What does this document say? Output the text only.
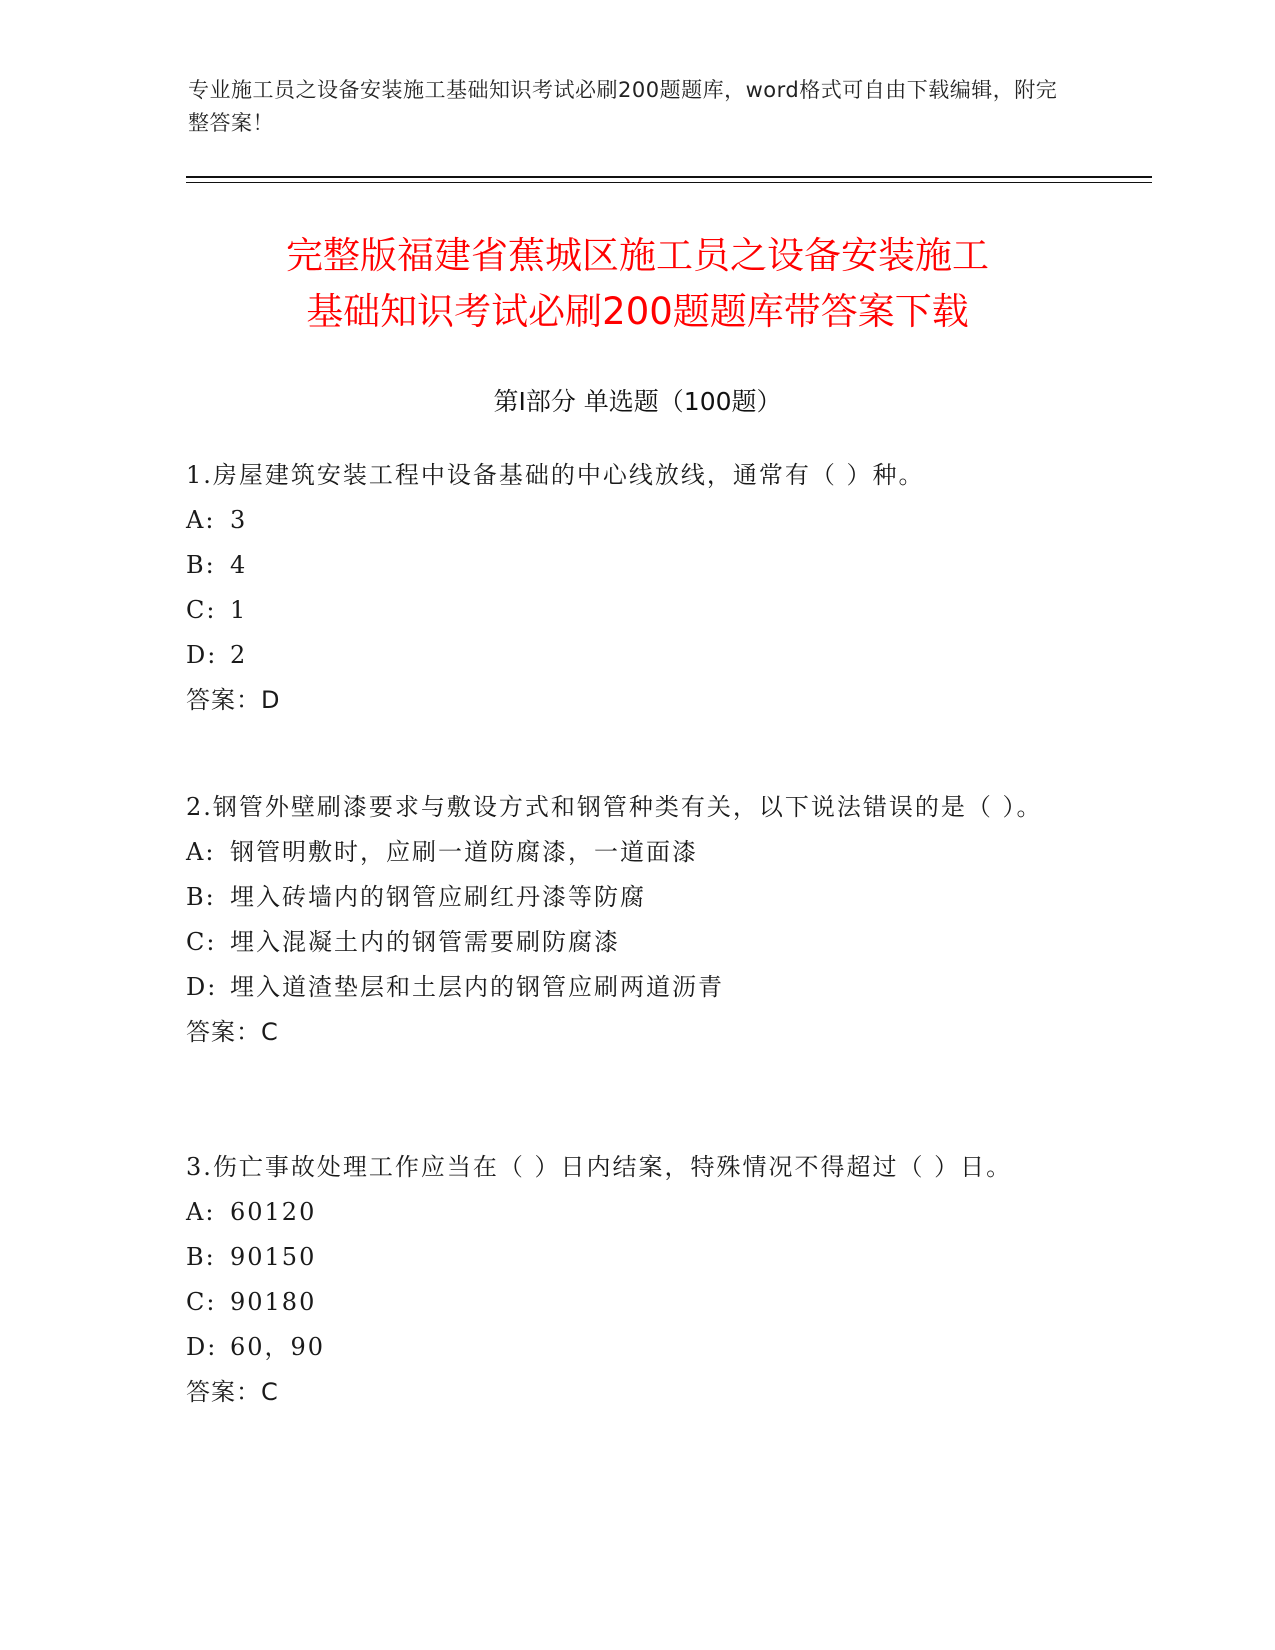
专业施工员之设备安装施工基础知识考试必刷200题题库，word格式可自由下载编辑，附完整答案！
完整版福建省蕉城区施工员之设备安装施工
基础知识考试必刷200题题库带答案下载
第Ⅰ部分 单选题（100题）

1.房屋建筑安装工程中设备基础的中心线放线，通常有（ ）种。

A: 3
B: 4
C: 1
D: 2
答案：D

2.钢管外壁刷漆要求与敷设方式和钢管种类有关，以下说法错误的是（ ）。

A: 钢管明敷时，应刷一道防腐漆，一道面漆
B: 埋入砖墙内的钢管应刷红丹漆等防腐
C: 埋入混凝土内的钢管需要刷防腐漆
D: 埋入道渣垫层和土层内的钢管应刷两道沥青
答案：C

3.伤亡事故处理工作应当在（ ）日内结案，特殊情况不得超过（ ）日。

A: 60120
B: 90150
C: 90180
D: 60，90
答案：C
